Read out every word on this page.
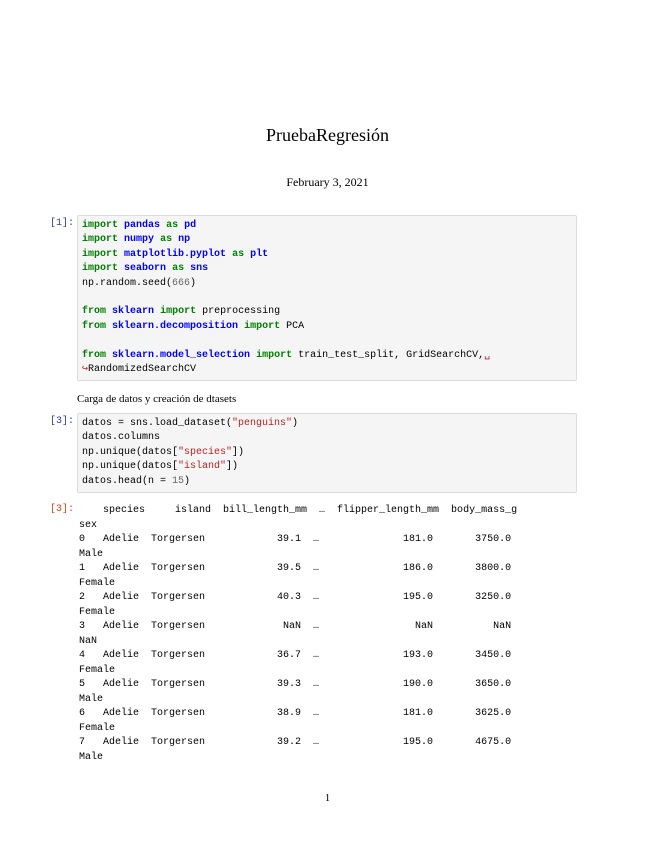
PruebaRegresión
February 3, 2021
[1]: import pandas as pd
import numpy as np
import matplotlib.pyplot as plt
import seaborn as sns
np.random.seed(666)
from sklearn import preprocessing
from sklearn.decomposition import PCA
from sklearn.model_selection import train_test_split, GridSearchCV,␣
↪RandomizedSearchCV
Carga de datos y creación de dtasets
[3]: datos = sns.load_dataset("penguins")
datos.columns
np.unique(datos["species"])
np.unique(datos["island"])
datos.head(n = 15)
[3]: species     island  bill_length_mm  …  flipper_length_mm  body_mass_g
sex
0   Adelie  Torgersen            39.1  …              181.0       3750.0
Male
1   Adelie  Torgersen            39.5  …              186.0       3800.0
Female
2   Adelie  Torgersen            40.3  …              195.0       3250.0
Female
3   Adelie  Torgersen             NaN  …                NaN          NaN
NaN
4   Adelie  Torgersen            36.7  …              193.0       3450.0
Female
5   Adelie  Torgersen            39.3  …              190.0       3650.0
Male
6   Adelie  Torgersen            38.9  …              181.0       3625.0
Female
7   Adelie  Torgersen            39.2  …              195.0       4675.0
Male
1
